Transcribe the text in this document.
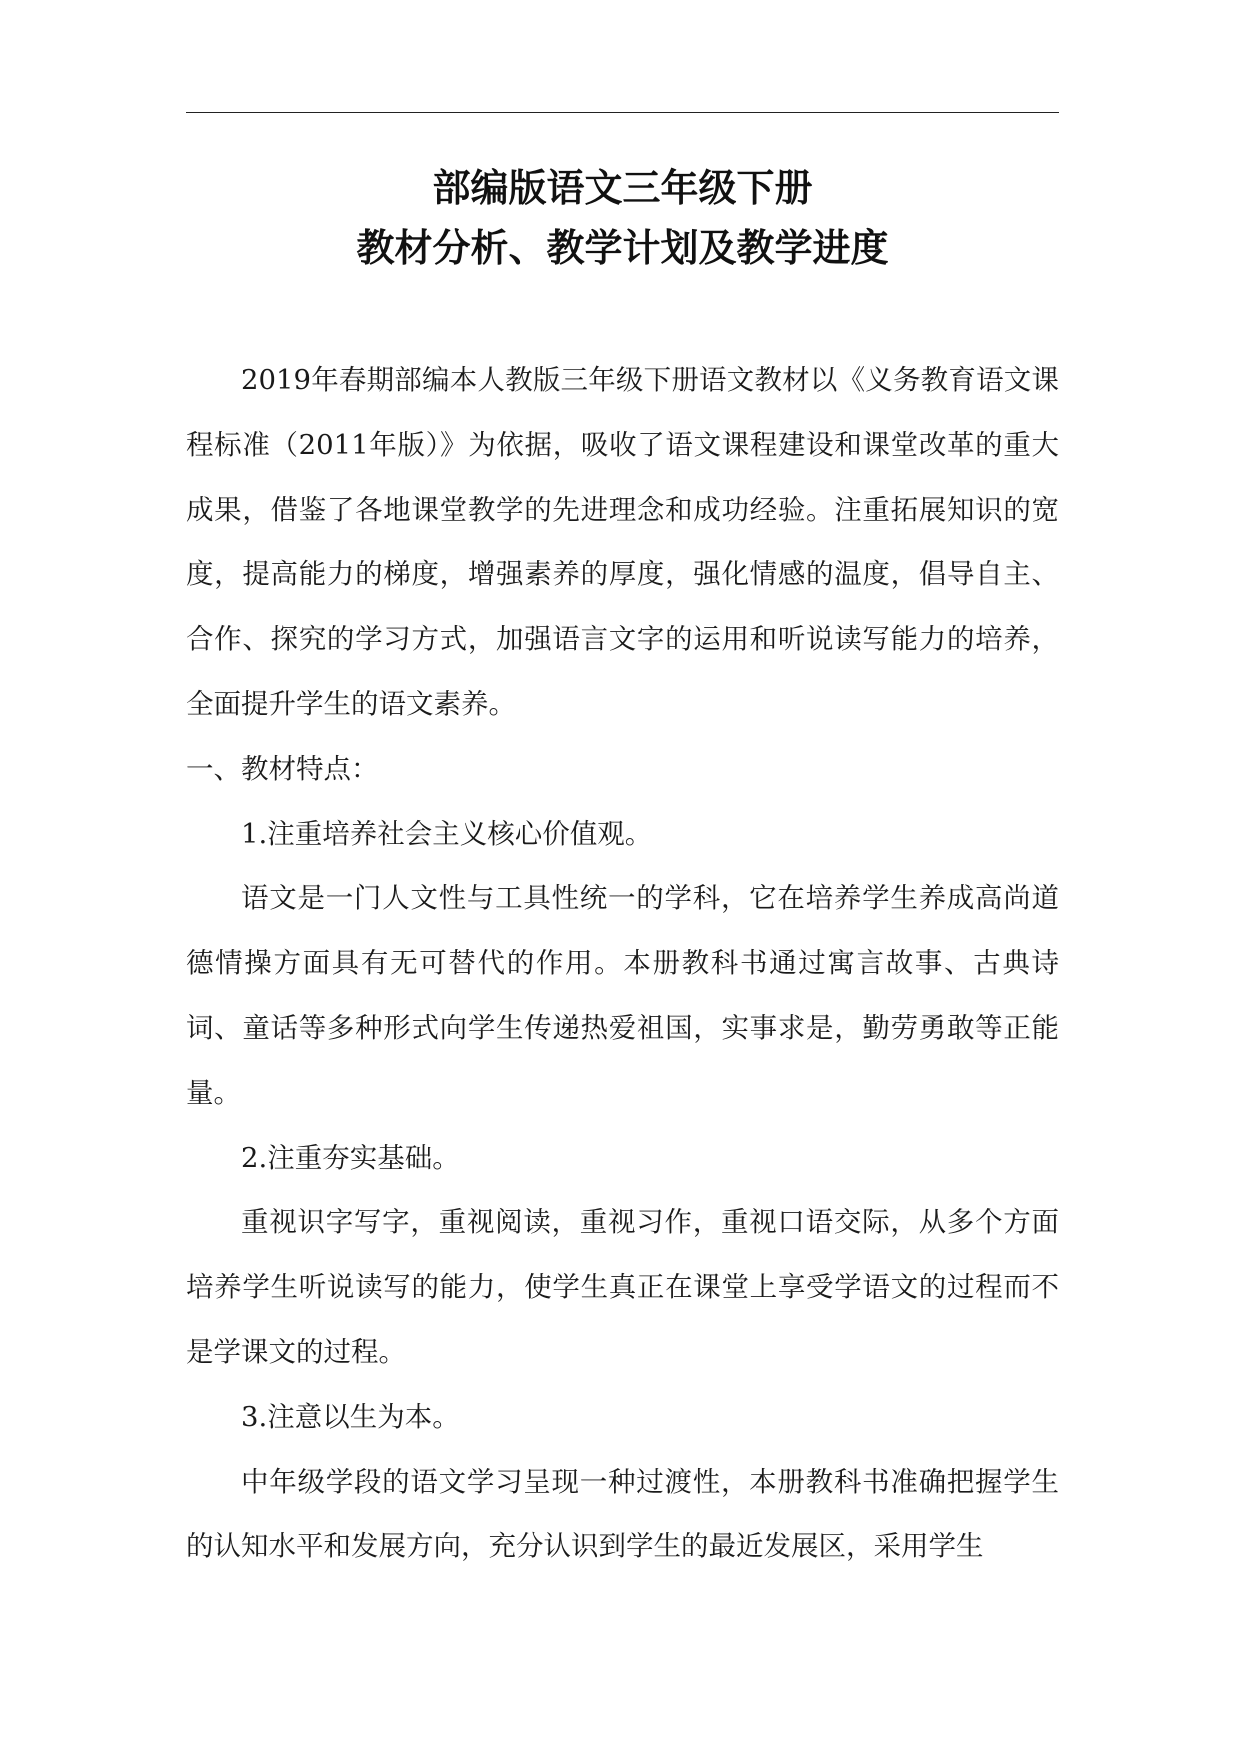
部编版语文三年级下册
教材分析、教学计划及教学进度

2019年春期部编本人教版三年级下册语文教材以《义务教育语文课程标准（2011年版）》为依据，吸收了语文课程建设和课堂改革的重大成果，借鉴了各地课堂教学的先进理念和成功经验。注重拓展知识的宽度，提高能力的梯度，增强素养的厚度，强化情感的温度，倡导自主、合作、探究的学习方式，加强语言文字的运用和听说读写能力的培养，全面提升学生的语文素养。

一、教材特点：

1.注重培养社会主义核心价值观。

语文是一门人文性与工具性统一的学科，它在培养学生养成高尚道德情操方面具有无可替代的作用。本册教科书通过寓言故事、古典诗词、童话等多种形式向学生传递热爱祖国，实事求是，勤劳勇敢等正能量。

2.注重夯实基础。

重视识字写字，重视阅读，重视习作，重视口语交际，从多个方面培养学生听说读写的能力，使学生真正在课堂上享受学语文的过程而不是学课文的过程。

3.注意以生为本。

中年级学段的语文学习呈现一种过渡性，本册教科书准确把握学生的认知水平和发展方向，充分认识到学生的最近发展区，采用学生
